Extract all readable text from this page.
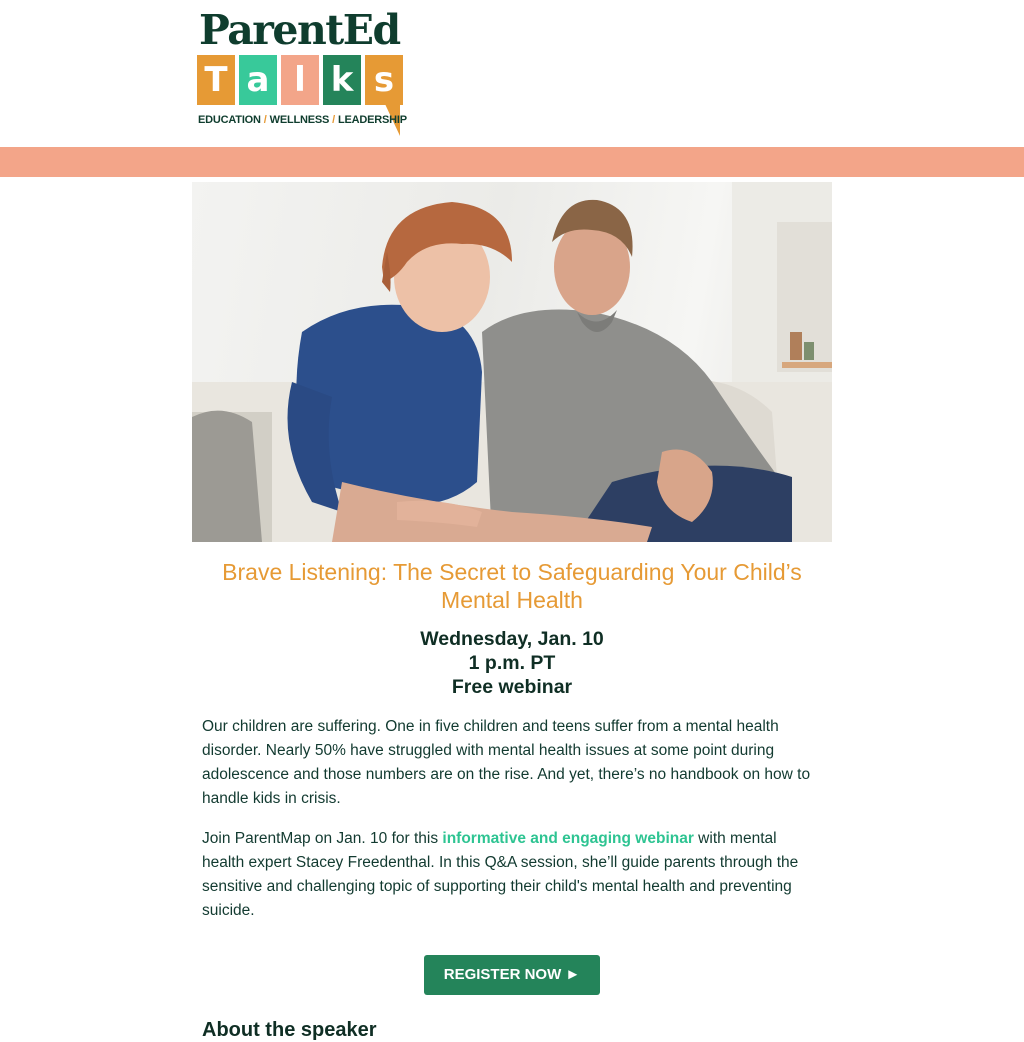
ParentEd
T a l k s
EDUCATION / WELLNESS / LEADERSHIP
Brave Listening: The Secret to Safeguarding Your Child’s Mental Health
Wednesday, Jan. 10
1 p.m. PT
Free webinar

Our children are suffering. One in five children and teens suffer from a mental health disorder. Nearly 50% have struggled with mental health issues at some point during adolescence and those numbers are on the rise. And yet, there’s no handbook on how to handle kids in crisis.

Join ParentMap on Jan. 10 for this informative and engaging webinar with mental health expert Stacey Freedenthal. In this Q&A session, she’ll guide parents through the sensitive and challenging topic of supporting their child's mental health and preventing suicide.

REGISTER NOW ►
About the speaker
